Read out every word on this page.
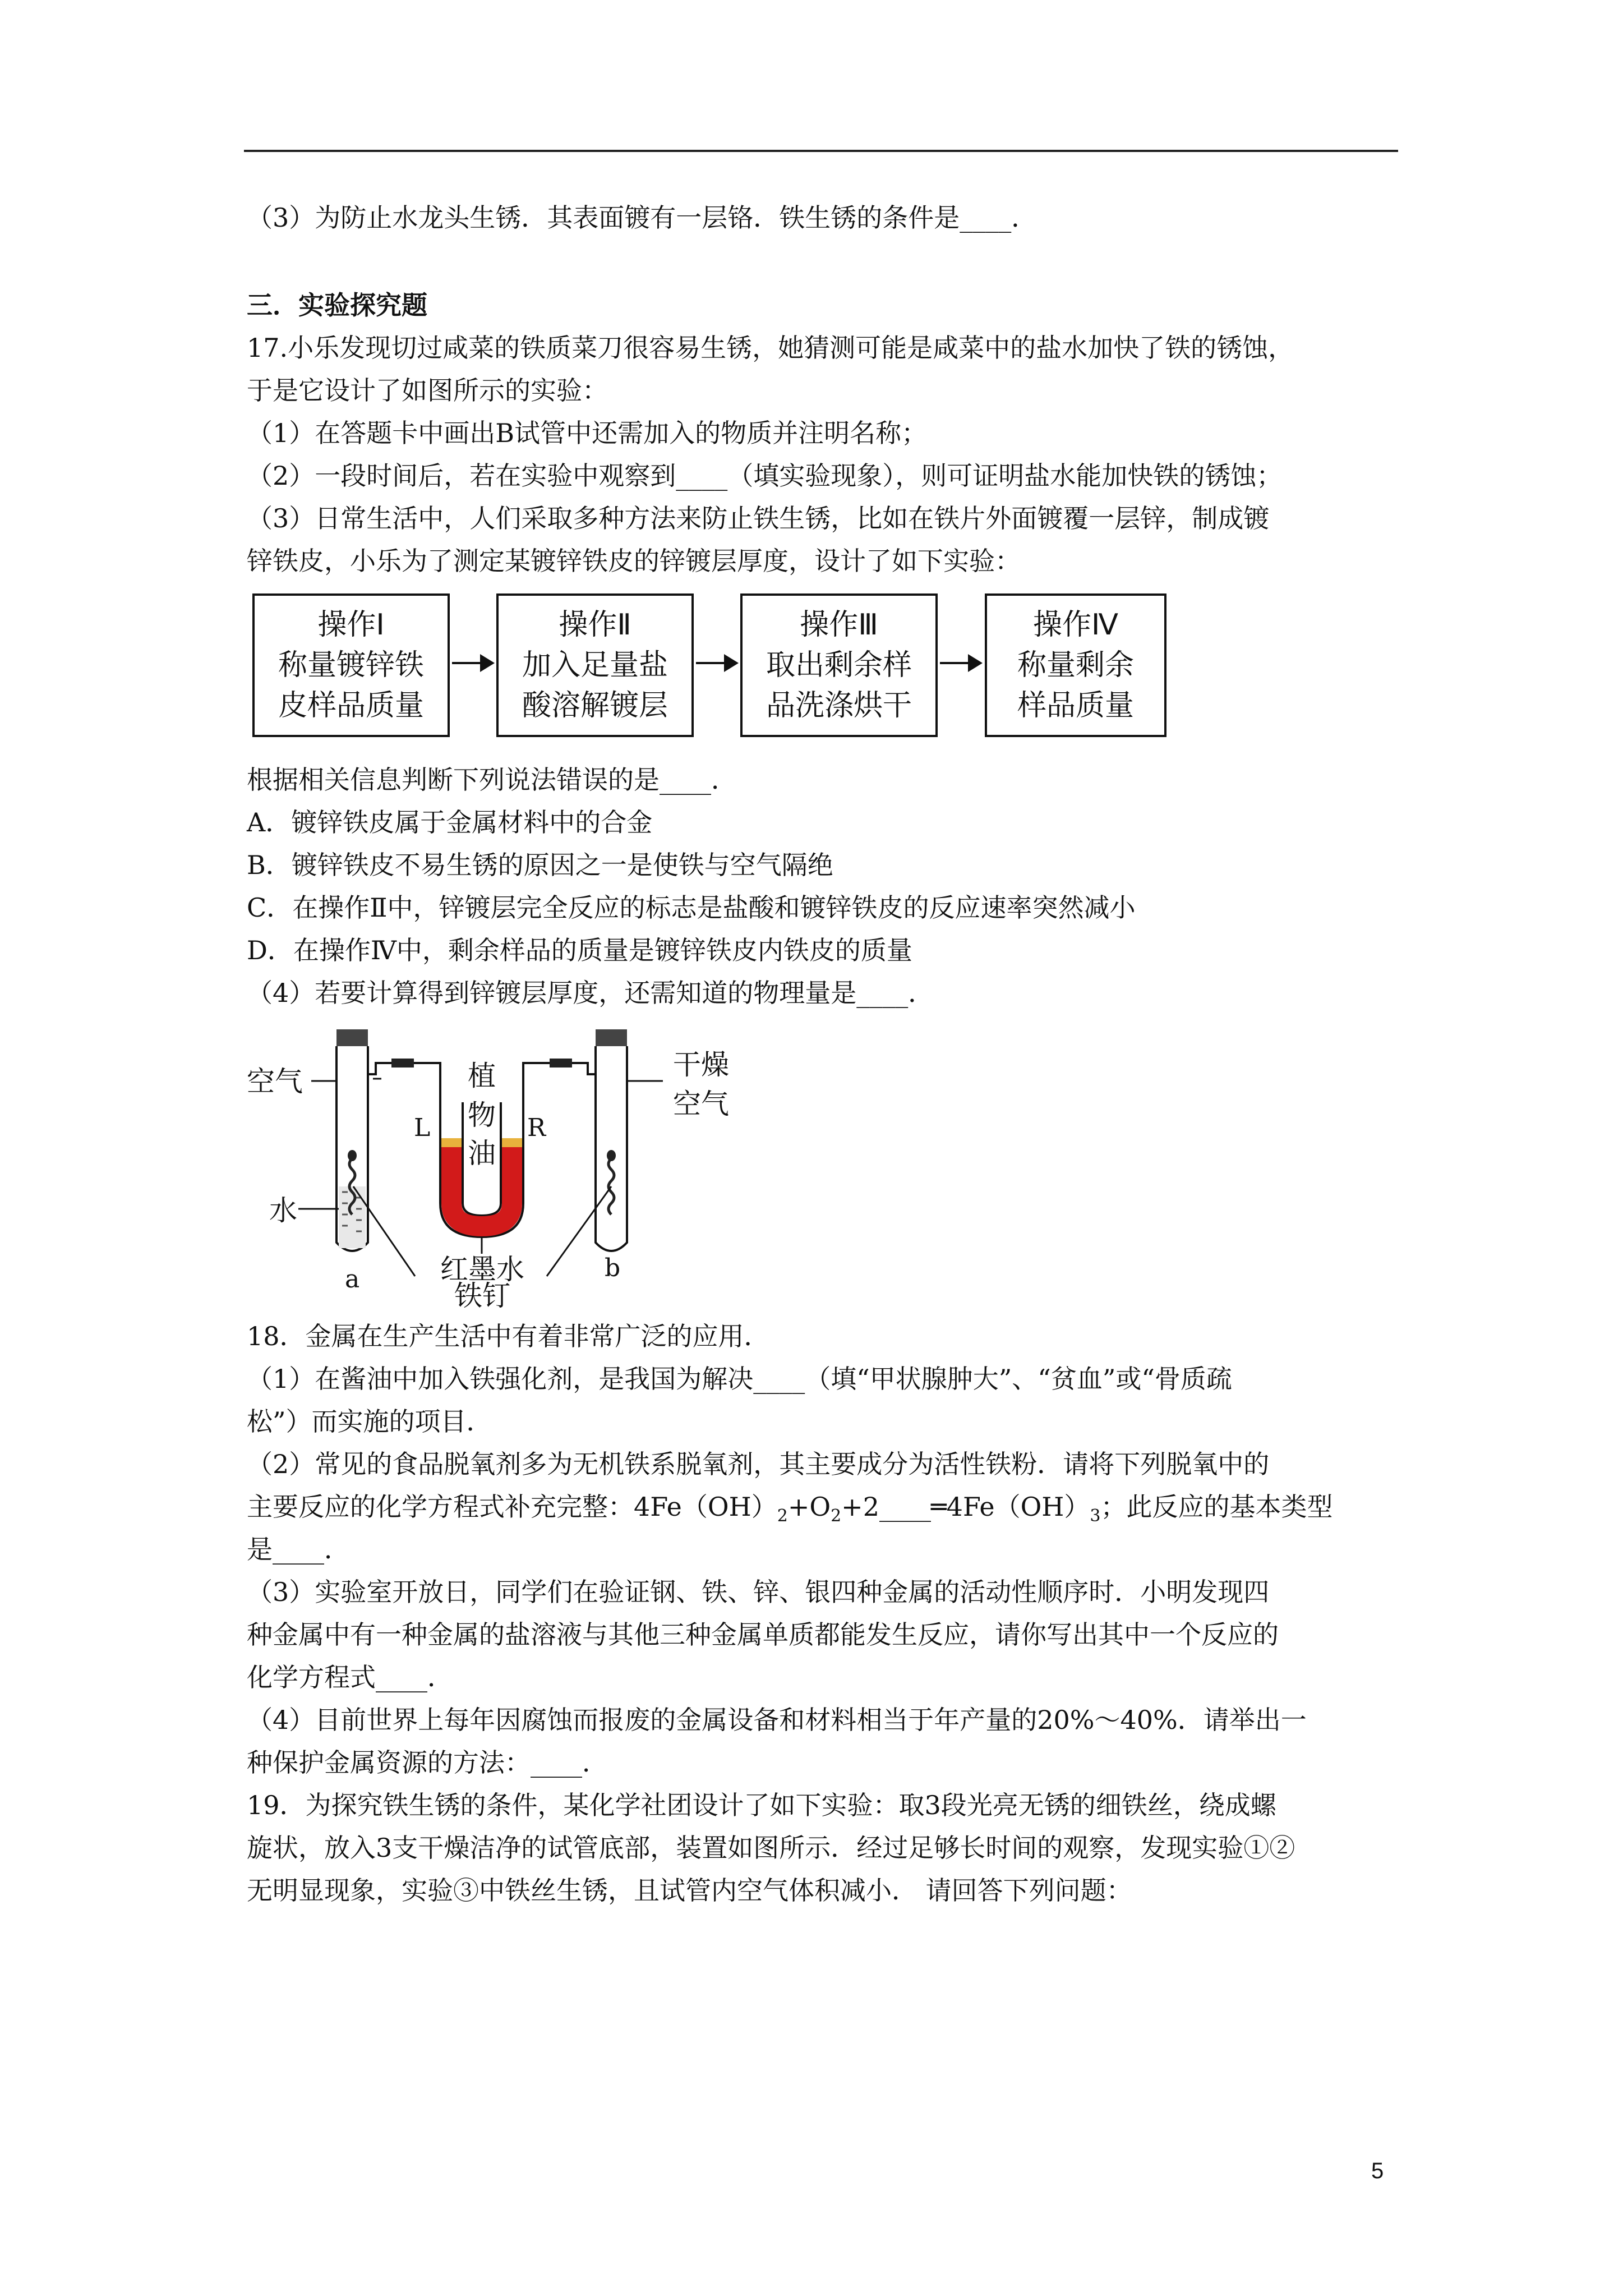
（3）为防止水龙头生锈．其表面镀有一层铬．铁生锈的条件是____．
三．实验探究题
17.小乐发现切过咸菜的铁质菜刀很容易生锈，她猜测可能是咸菜中的盐水加快了铁的锈蚀，
于是它设计了如图所示的实验：
（1）在答题卡中画出B试管中还需加入的物质并注明名称；
（2）一段时间后，若在实验中观察到____（填实验现象），则可证明盐水能加快铁的锈蚀；
（3）日常生活中，人们采取多种方法来防止铁生锈，比如在铁片外面镀覆一层锌，制成镀
锌铁皮，小乐为了测定某镀锌铁皮的锌镀层厚度，设计了如下实验：
操作Ⅰ
称量镀锌铁
皮样品质量
操作Ⅱ
加入足量盐
酸溶解镀层
操作Ⅲ
取出剩余样
品洗涤烘干
操作Ⅳ
称量剩余
样品质量
根据相关信息判断下列说法错误的是____．
A．镀锌铁皮属于金属材料中的合金
B．镀锌铁皮不易生锈的原因之一是使铁与空气隔绝
C．在操作Ⅱ中，锌镀层完全反应的标志是盐酸和镀锌铁皮的反应速率突然减小
D．在操作Ⅳ中，剩余样品的质量是镀锌铁皮内铁皮的质量
（4）若要计算得到锌镀层厚度，还需知道的物理量是____．
空气
水
a	b
L	R
植
物
油
红墨水
干燥
空气
铁钉
18．金属在生产生活中有着非常广泛的应用．
（1）在酱油中加入铁强化剂，是我国为解决____（填“甲状腺肿大”、“贫血”或“骨质疏
松”）而实施的项目．
（2）常见的食品脱氧剂多为无机铁系脱氧剂，其主要成分为活性铁粉．请将下列脱氧中的
主要反应的化学方程式补充完整：$4Fe(OH)_2+O_2+2\_\_\_\_═4Fe(OH)_3$；此反应的基本类型
是____．
（3）实验室开放日，同学们在验证钢、铁、锌、银四种金属的活动性顺序时．小明发现四
种金属中有一种金属的盐溶液与其他三种金属单质都能发生反应，请你写出其中一个反应的
化学方程式____．
（4）目前世界上每年因腐蚀而报废的金属设备和材料相当于年产量的20%～40%．请举出一
种保护金属资源的方法：____．
19．为探究铁生锈的条件，某化学社团设计了如下实验：取3段光亮无锈的细铁丝，绕成螺
旋状，放入3支干燥洁净的试管底部，装置如图所示．经过足够长时间的观察，发现实验①②
无明显现象，实验③中铁丝生锈，且试管内空气体积减小． 请回答下列问题：
5
